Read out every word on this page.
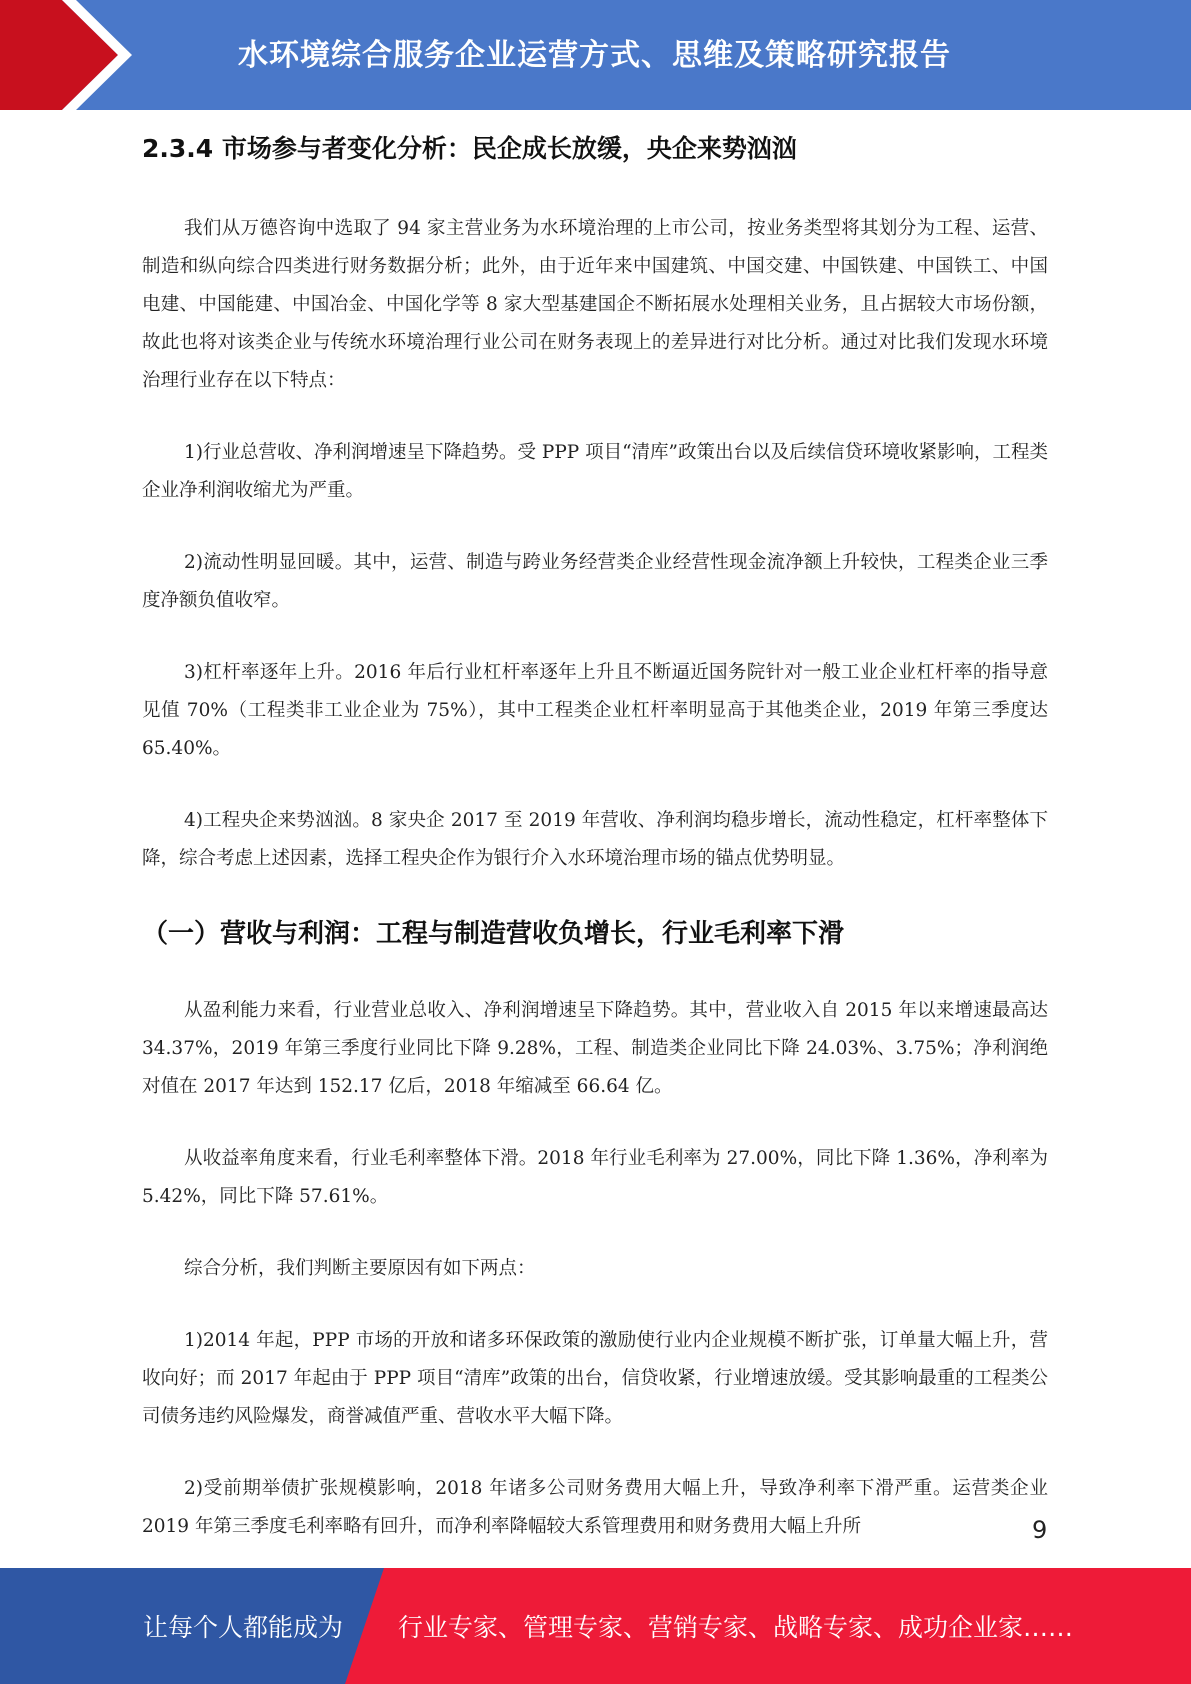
水环境综合服务企业运营方式、思维及策略研究报告
2.3.4 市场参与者变化分析：民企成长放缓，央企来势汹汹

我们从万德咨询中选取了 94 家主营业务为水环境治理的上市公司，按业务类型将其划分为工程、运营、制造和纵向综合四类进行财务数据分析；此外，由于近年来中国建筑、中国交建、中国铁建、中国铁工、中国电建、中国能建、中国冶金、中国化学等 8 家大型基建国企不断拓展水处理相关业务，且占据较大市场份额，故此也将对该类企业与传统水环境治理行业公司在财务表现上的差异进行对比分析。通过对比我们发现水环境治理行业存在以下特点：

1)行业总营收、净利润增速呈下降趋势。受 PPP 项目“清库”政策出台以及后续信贷环境收紧影响，工程类企业净利润收缩尤为严重。

2)流动性明显回暖。其中，运营、制造与跨业务经营类企业经营性现金流净额上升较快，工程类企业三季度净额负值收窄。

3)杠杆率逐年上升。2016 年后行业杠杆率逐年上升且不断逼近国务院针对一般工业企业杠杆率的指导意见值 70%（工程类非工业企业为 75%），其中工程类企业杠杆率明显高于其他类企业，2019 年第三季度达 65.40%。

4)工程央企来势汹汹。8 家央企 2017 至 2019 年营收、净利润均稳步增长，流动性稳定，杠杆率整体下降，综合考虑上述因素，选择工程央企作为银行介入水环境治理市场的锚点优势明显。

（一）营收与利润：工程与制造营收负增长，行业毛利率下滑

从盈利能力来看，行业营业总收入、净利润增速呈下降趋势。其中，营业收入自 2015 年以来增速最高达 34.37%，2019 年第三季度行业同比下降 9.28%，工程、制造类企业同比下降 24.03%、3.75%；净利润绝对值在 2017 年达到 152.17 亿后，2018 年缩减至 66.64 亿。

从收益率角度来看，行业毛利率整体下滑。2018 年行业毛利率为 27.00%，同比下降 1.36%，净利率为 5.42%，同比下降 57.61%。

综合分析，我们判断主要原因有如下两点：

1)2014 年起，PPP 市场的开放和诸多环保政策的激励使行业内企业规模不断扩张，订单量大幅上升，营收向好；而 2017 年起由于 PPP 项目“清库”政策的出台，信贷收紧，行业增速放缓。受其影响最重的工程类公司债务违约风险爆发，商誉减值严重、营收水平大幅下降。

2)受前期举债扩张规模影响，2018 年诸多公司财务费用大幅上升，导致净利率下滑严重。运营类企业 2019 年第三季度毛利率略有回升，而净利率降幅较大系管理费用和财务费用大幅上升所	9
让每个人都能成为 行业专家、管理专家、营销专家、战略专家、成功企业家……
